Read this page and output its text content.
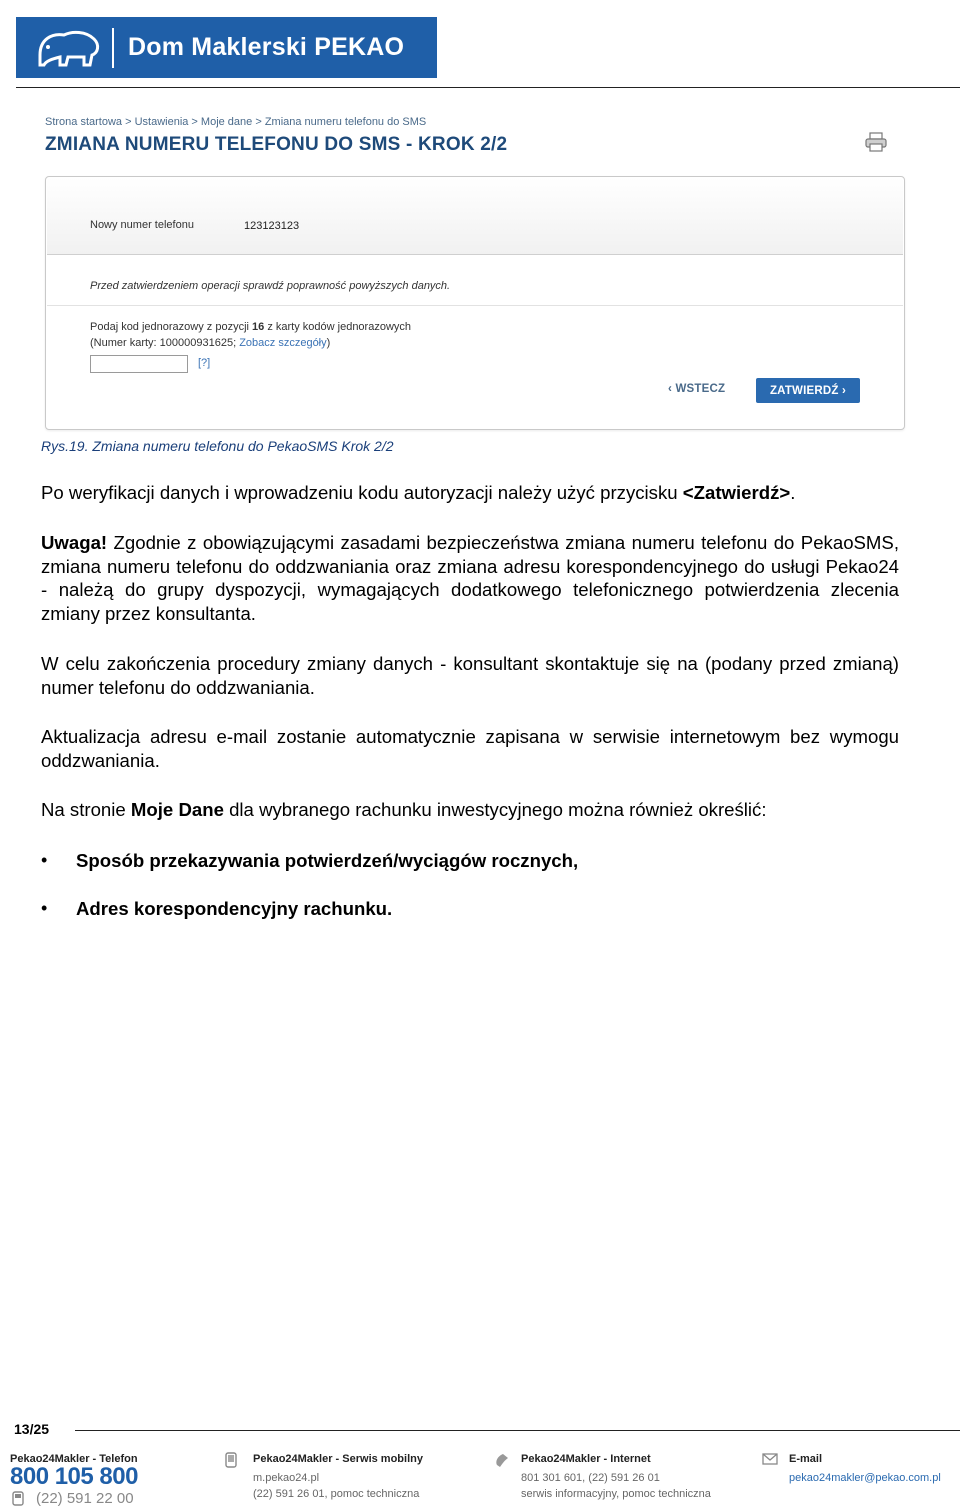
Dom Maklerski PEKAO
Strona startowa > Ustawienia > Moje dane > Zmiana numeru telefonu do SMS
ZMIANA NUMERU TELEFONU DO SMS - KROK 2/2
Nowy numer telefonu	123123123
Przed zatwierdzeniem operacji sprawdź poprawność powyższych danych.
Podaj kod jednorazowy z pozycji 16 z karty kodów jednorazowych
(Numer karty: 100000931625; Zobacz szczegóły)
[?]
‹ WSTECZ	ZATWIERDŹ ›
Rys.19. Zmiana numeru telefonu do PekaoSMS Krok 2/2
Po weryfikacji danych i wprowadzeniu kodu autoryzacji należy użyć przycisku <Zatwierdź>.
Uwaga! Zgodnie z obowiązującymi zasadami bezpieczeństwa zmiana numeru telefonu do PekaoSMS, zmiana numeru telefonu do oddzwaniania oraz zmiana adresu korespondencyjnego do usługi Pekao24 - należą do grupy dyspozycji, wymagających dodatkowego telefonicznego potwierdzenia zlecenia zmiany przez konsultanta.
W celu zakończenia procedury zmiany danych - konsultant skontaktuje się na (podany przed zmianą) numer telefonu do oddzwaniania.
Aktualizacja adresu e-mail zostanie automatycznie zapisana w serwisie internetowym bez wymogu oddzwaniania.
Na stronie Moje Dane dla wybranego rachunku inwestycyjnego można również określić:
• Sposób przekazywania potwierdzeń/wyciągów rocznych,
• Adres korespondencyjny rachunku.
13/25
Pekao24Makler - Telefon
800 105 800
(22) 591 22 00
Pekao24Makler - Serwis mobilny
m.pekao24.pl
(22) 591 26 01, pomoc techniczna
Pekao24Makler - Internet
801 301 601, (22) 591 26 01
serwis informacyjny, pomoc techniczna
E-mail
pekao24makler@pekao.com.pl
